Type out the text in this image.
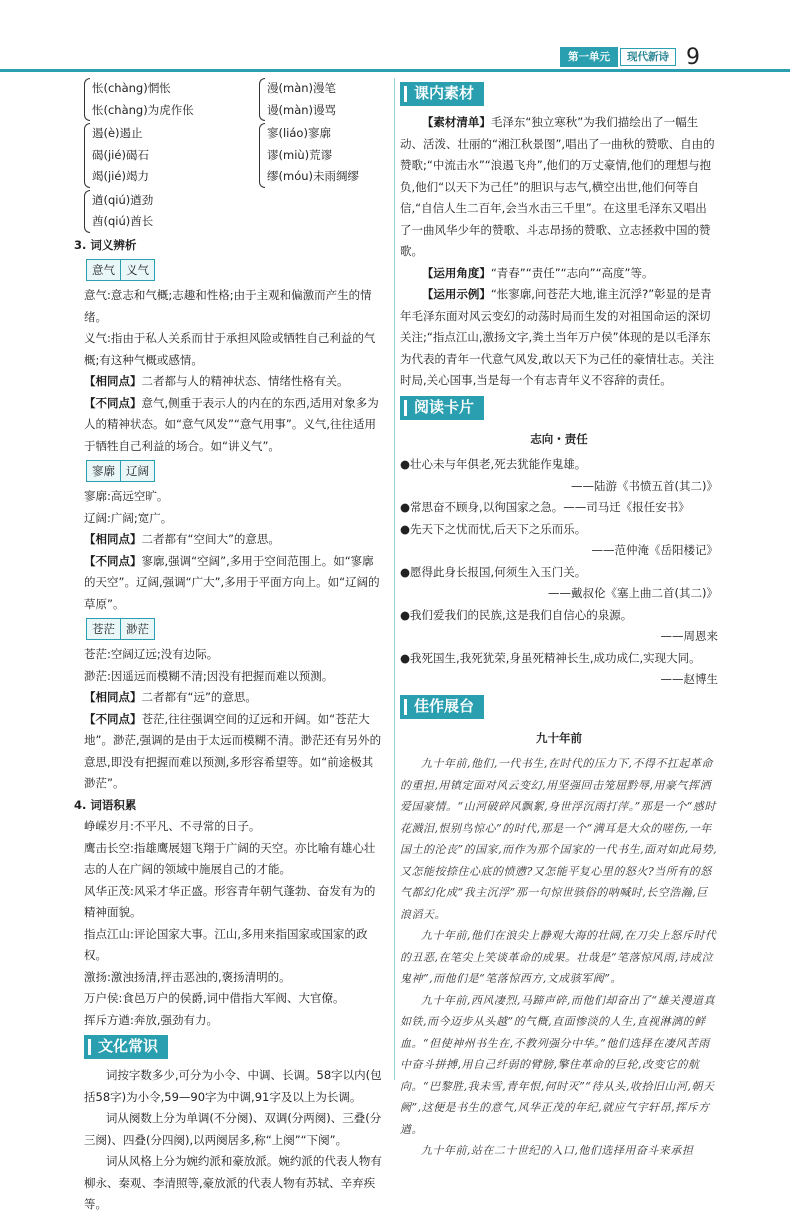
第一单元	现代新诗 9
怅(chàng)惘怅
怅(chàng)为虎作伥
漫(màn)漫笔
谩(màn)谩骂
遏(è)遏止
碣(jié)碣石
竭(jié)竭力
寥(liáo)寥廓
谬(miù)荒谬
缪(móu)未雨绸缪
遒(qiú)遒劲
酋(qiú)酋长
3. 词义辨析
意气 义气
意气:意志和气概;志趣和性格;由于主观和偏激而产生的情绪。
义气:指由于私人关系而甘于承担风险或牺牲自己利益的气概;有这种气概或感情。
【相同点】二者都与人的精神状态、情绪性格有关。
【不同点】意气,侧重于表示人的内在的东西,适用对象多为人的精神状态。如“意气风发”“意气用事”。义气,往往适用于牺牲自己利益的场合。如“讲义气”。
寥廓 辽阔
寥廓:高远空旷。
辽阔:广阔;宽广。
【相同点】二者都有“空间大”的意思。
【不同点】寥廓,强调“空阔”,多用于空间范围上。如“寥廓的天空”。辽阔,强调“广大”,多用于平面方向上。如“辽阔的草原”。
苍茫 渺茫
苍茫:空阔辽远;没有边际。
渺茫:因遥远而模糊不清;因没有把握而难以预测。
【相同点】二者都有“远”的意思。
【不同点】苍茫,往往强调空间的辽远和开阔。如“苍茫大地”。渺茫,强调的是由于太远而模糊不清。渺茫还有另外的意思,即没有把握而难以预测,多形容希望等。如“前途极其渺茫”。
4. 词语积累
峥嵘岁月:不平凡、不寻常的日子。
鹰击长空:指雄鹰展翅飞翔于广阔的天空。亦比喻有雄心壮志的人在广阔的领域中施展自己的才能。
风华正茂:风采才华正盛。形容青年朝气蓬勃、奋发有为的精神面貌。
指点江山:评论国家大事。江山,多用来指国家或国家的政权。
激扬:激浊扬清,抨击恶浊的,褒扬清明的。
万户侯:食邑万户的侯爵,词中借指大军阀、大官僚。
挥斥方遒:奔放,强劲有力。
文化常识
词按字数多少,可分为小令、中调、长调。58字以内(包括58字)为小令,59—90字为中调,91字及以上为长调。
词从阕数上分为单调(不分阕)、双调(分两阕)、三叠(分三阕)、四叠(分四阕),以两阕居多,称“上阕”“下阕”。
词从风格上分为婉约派和豪放派。婉约派的代表人物有柳永、秦观、李清照等,豪放派的代表人物有苏轼、辛弃疾等。
课内素材
【素材清单】毛泽东“独立寒秋”为我们描绘出了一幅生动、活泼、壮丽的“湘江秋景图”,唱出了一曲秋的赞歌、自由的赞歌;“中流击水”“浪遏飞舟”,他们的万丈豪情,他们的理想与抱负,他们“以天下为己任”的胆识与志气,横空出世,他们何等自信,“自信人生二百年,会当水击三千里”。在这里毛泽东又唱出了一曲风华少年的赞歌、斗志昂扬的赞歌、立志拯救中国的赞歌。
【运用角度】“青春”“责任”“志向”“高度”等。
【运用示例】“怅寥廓,问苍茫大地,谁主沉浮?”彰显的是青年毛泽东面对风云变幻的动荡时局而生发的对祖国命运的深切关注;“指点江山,激扬文字,粪土当年万户侯”体现的是以毛泽东为代表的青年一代意气风发,敢以天下为己任的豪情壮志。关注时局,关心国事,当是每一个有志青年义不容辞的责任。
阅读卡片
志向・责任
●壮心未与年俱老,死去犹能作鬼雄。
——陆游《书愤五首(其二)》
●常思奋不顾身,以徇国家之急。——司马迁《报任安书》
●先天下之忧而忧,后天下之乐而乐。
——范仲淹《岳阳楼记》
●愿得此身长报国,何须生入玉门关。
——戴叔伦《塞上曲二首(其二)》
●我们爱我们的民族,这是我们自信心的泉源。
——周恩来
●我死国生,我死犹荣,身虽死精神长生,成功成仁,实现大同。
——赵博生
佳作展台
九十年前
九十年前,他们,一代书生,在时代的压力下,不得不扛起革命的重担,用镇定面对风云变幻,用坚强回击笼屈黔辱,用豪气挥洒爱国豪情。“山河破碎风飘絮,身世浮沉雨打萍。”那是一个“感时花溅泪,恨别鸟惊心”的时代,那是一个“满耳是大众的嗟伤,一年国土的沦丧”的国家,而作为那个国家的一代书生,面对如此局势,又怎能按捺住心底的愤懑?又怎能平复心里的怒火?当所有的怒气都幻化成“我主沉浮”那一句惊世骇俗的呐喊时,长空浩瀚,巨浪滔天。
九十年前,他们在浪尖上静观大海的壮阔,在刀尖上怒斥时代的丑恶,在笔尖上笑谈革命的成果。壮哉是“笔落惊风雨,诗成泣鬼神”,而他们是“笔落惊西方,文成骇军阀”。
九十年前,西风凄烈,马蹄声碎,而他们却奋出了“雄关漫道真如铁,而今迈步从头越”的气概,直面惨淡的人生,直视淋漓的鲜血。“但使神州书生在,不教列强分中华。”他们选择在凄风苦雨中奋斗拼搏,用自己纤弱的臂膀,擎住革命的巨轮,改变它的航向。“巴黎胜,我未雪,青年恨,何时灭”“待从头,收拾旧山河,朝天阙”,这便是书生的意气,风华正茂的年纪,就应气宇轩昂,挥斥方遒。
九十年前,站在二十世纪的入口,他们选择用奋斗来承担
